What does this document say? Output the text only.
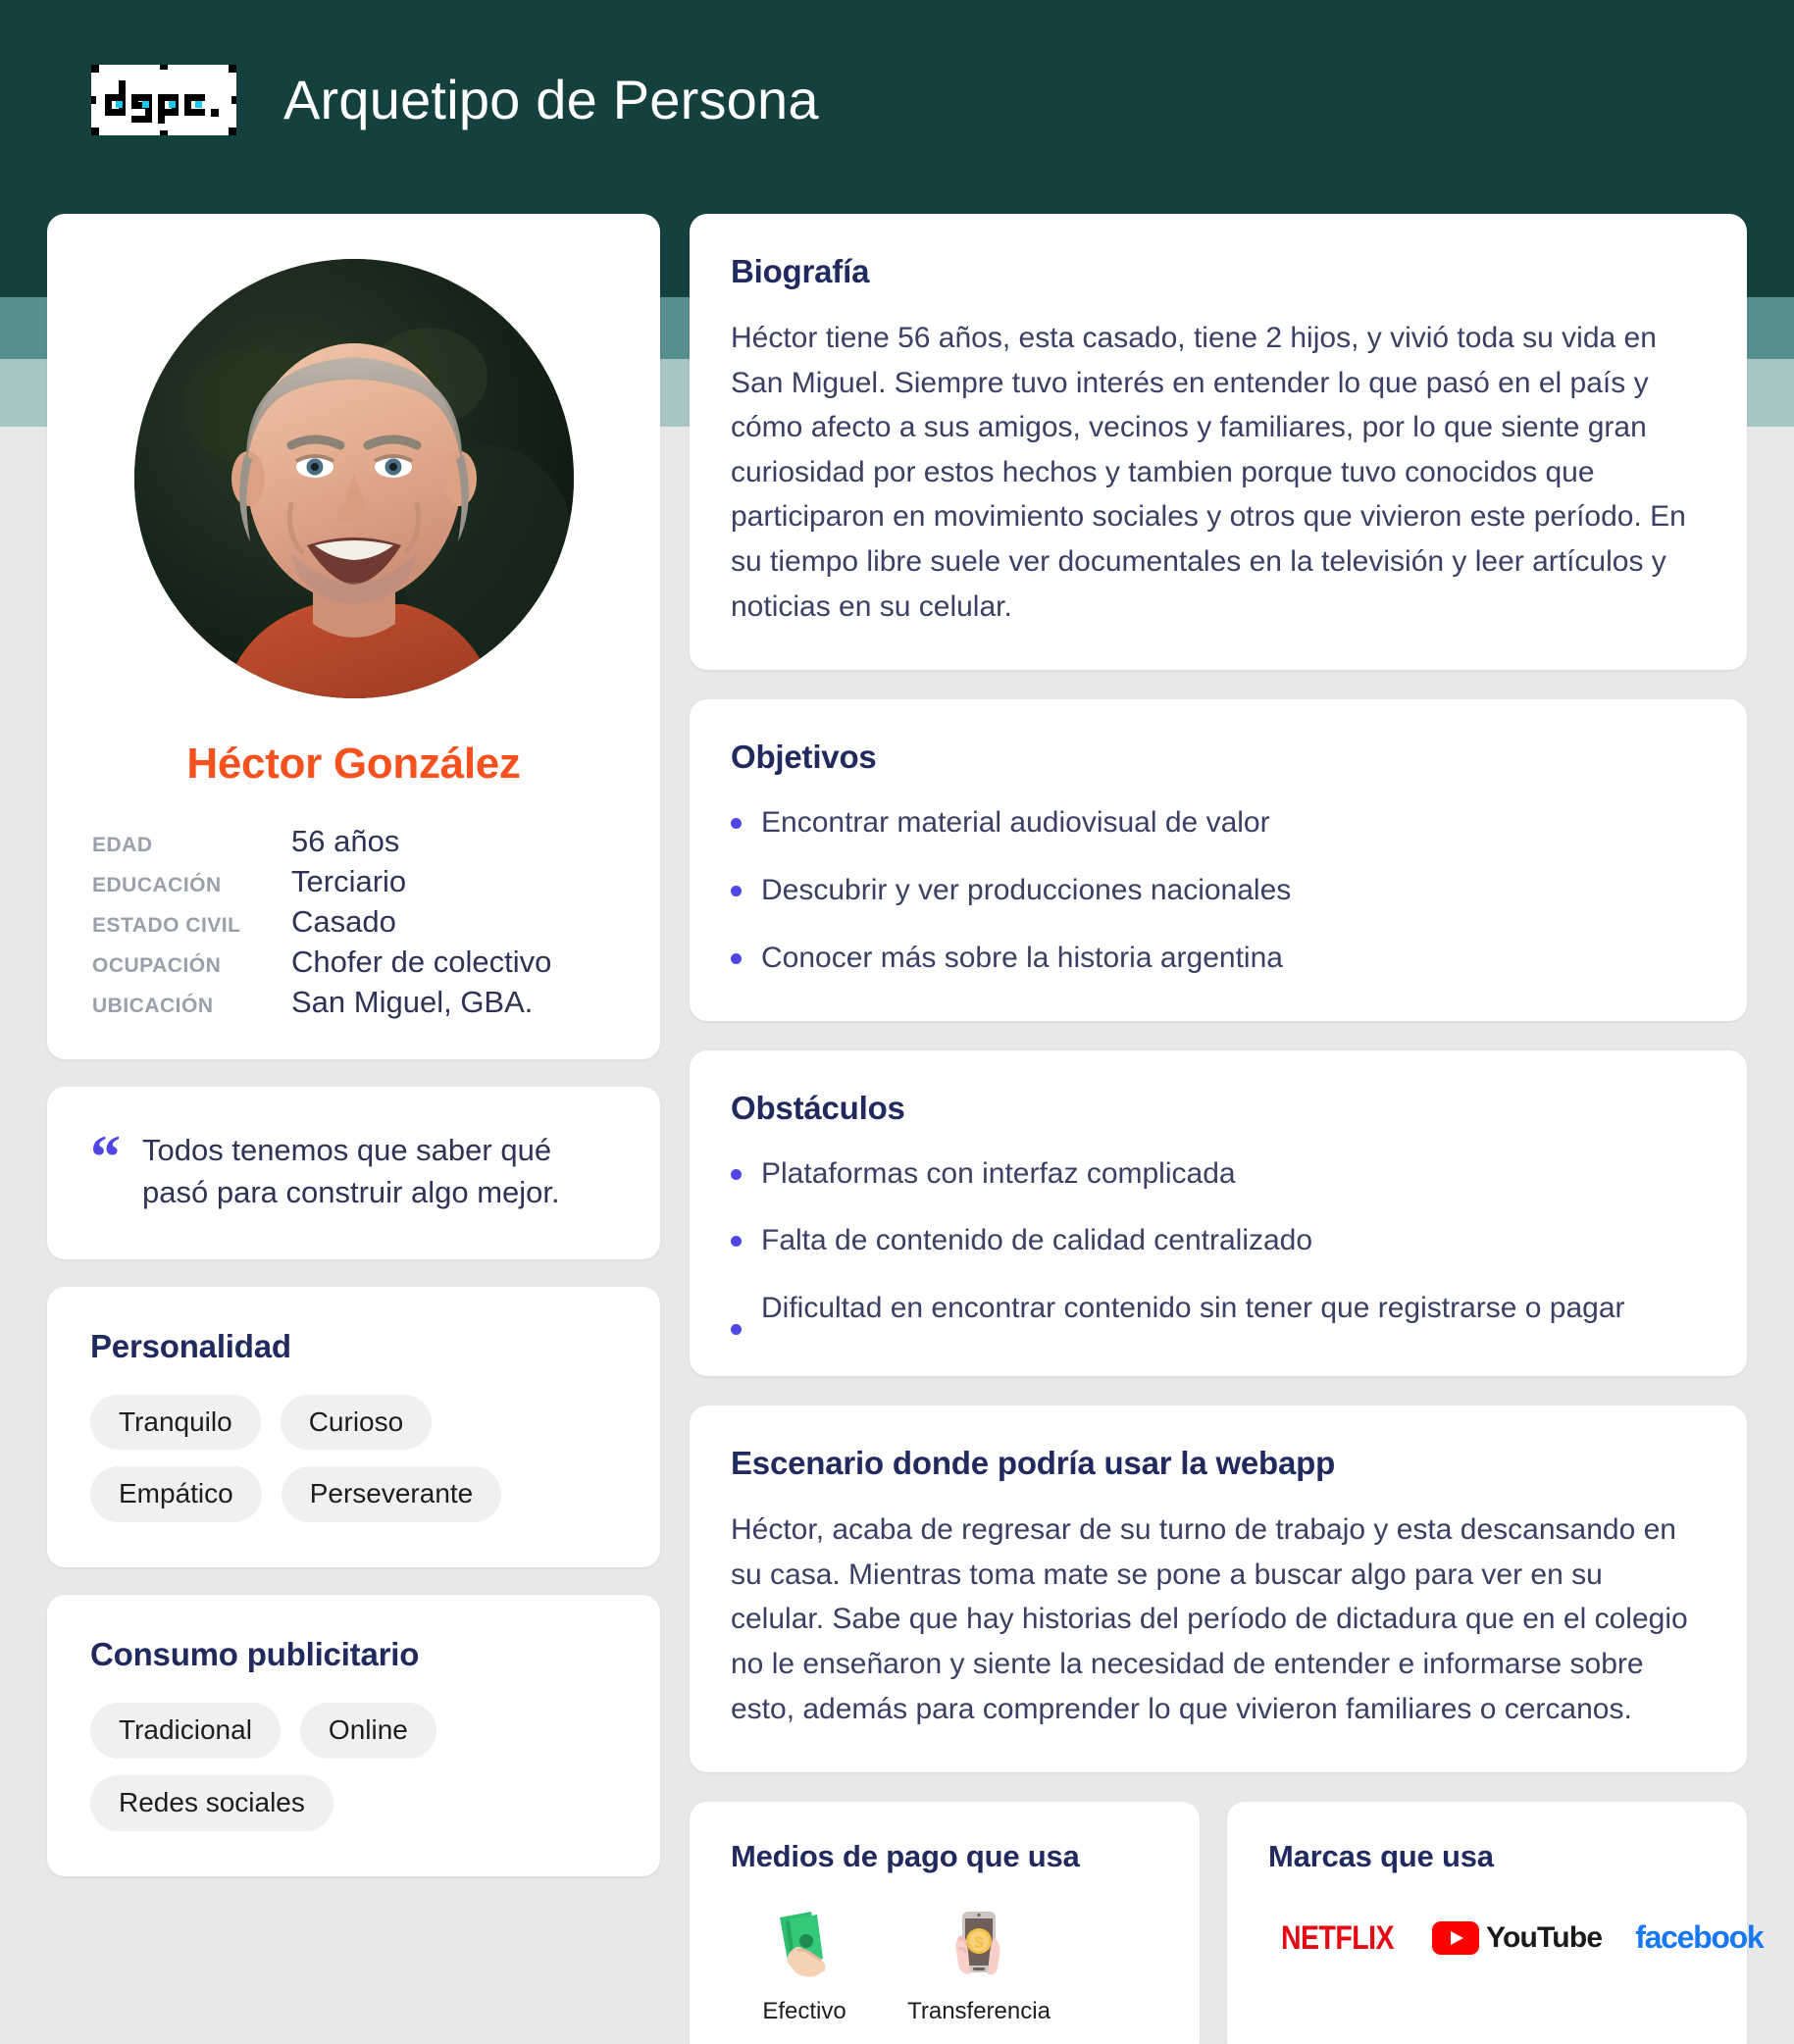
Arquetipo de Persona
Héctor González
EDAD	56 años
EDUCACIÓN	Terciario
ESTADO CIVIL	Casado
OCUPACIÓN	Chofer de colectivo
UBICACIÓN	San Miguel, GBA.
“ Todos tenemos que saber qué pasó para construir algo mejor.
Personalidad
Tranquilo	Curioso
Empático	Perseverante
Consumo publicitario
Tradicional	Online
Redes sociales
Biografía
Héctor tiene 56 años, esta casado, tiene 2 hijos, y vivió toda su vida en San Miguel. Siempre tuvo interés en entender lo que pasó en el país y cómo afecto a sus amigos, vecinos y familiares, por lo que siente gran curiosidad por estos hechos y tambien porque tuvo conocidos que participaron en movimiento sociales y otros que vivieron este período. En su tiempo libre suele ver documentales en la televisión y leer artículos y noticias en su celular.
Objetivos
Encontrar material audiovisual de valor
Descubrir y ver producciones nacionales
Conocer más sobre la historia argentina
Obstáculos
Plataformas con interfaz complicada
Falta de contenido de calidad centralizado
Dificultad en encontrar contenido sin tener que registrarse o pagar
Escenario donde podría usar la webapp
Héctor, acaba de regresar de su turno de trabajo y esta descansando en su casa. Mientras toma mate se pone a buscar algo para ver en su celular. Sabe que hay historias del período de dictadura que en el colegio no le enseñaron y siente la necesidad de entender e informarse sobre esto, además para comprender lo que vivieron familiares o cercanos.
Medios de pago que usa
Efectivo
$
Transferencia
Marcas que usa
NETFLIX	YouTube facebook
